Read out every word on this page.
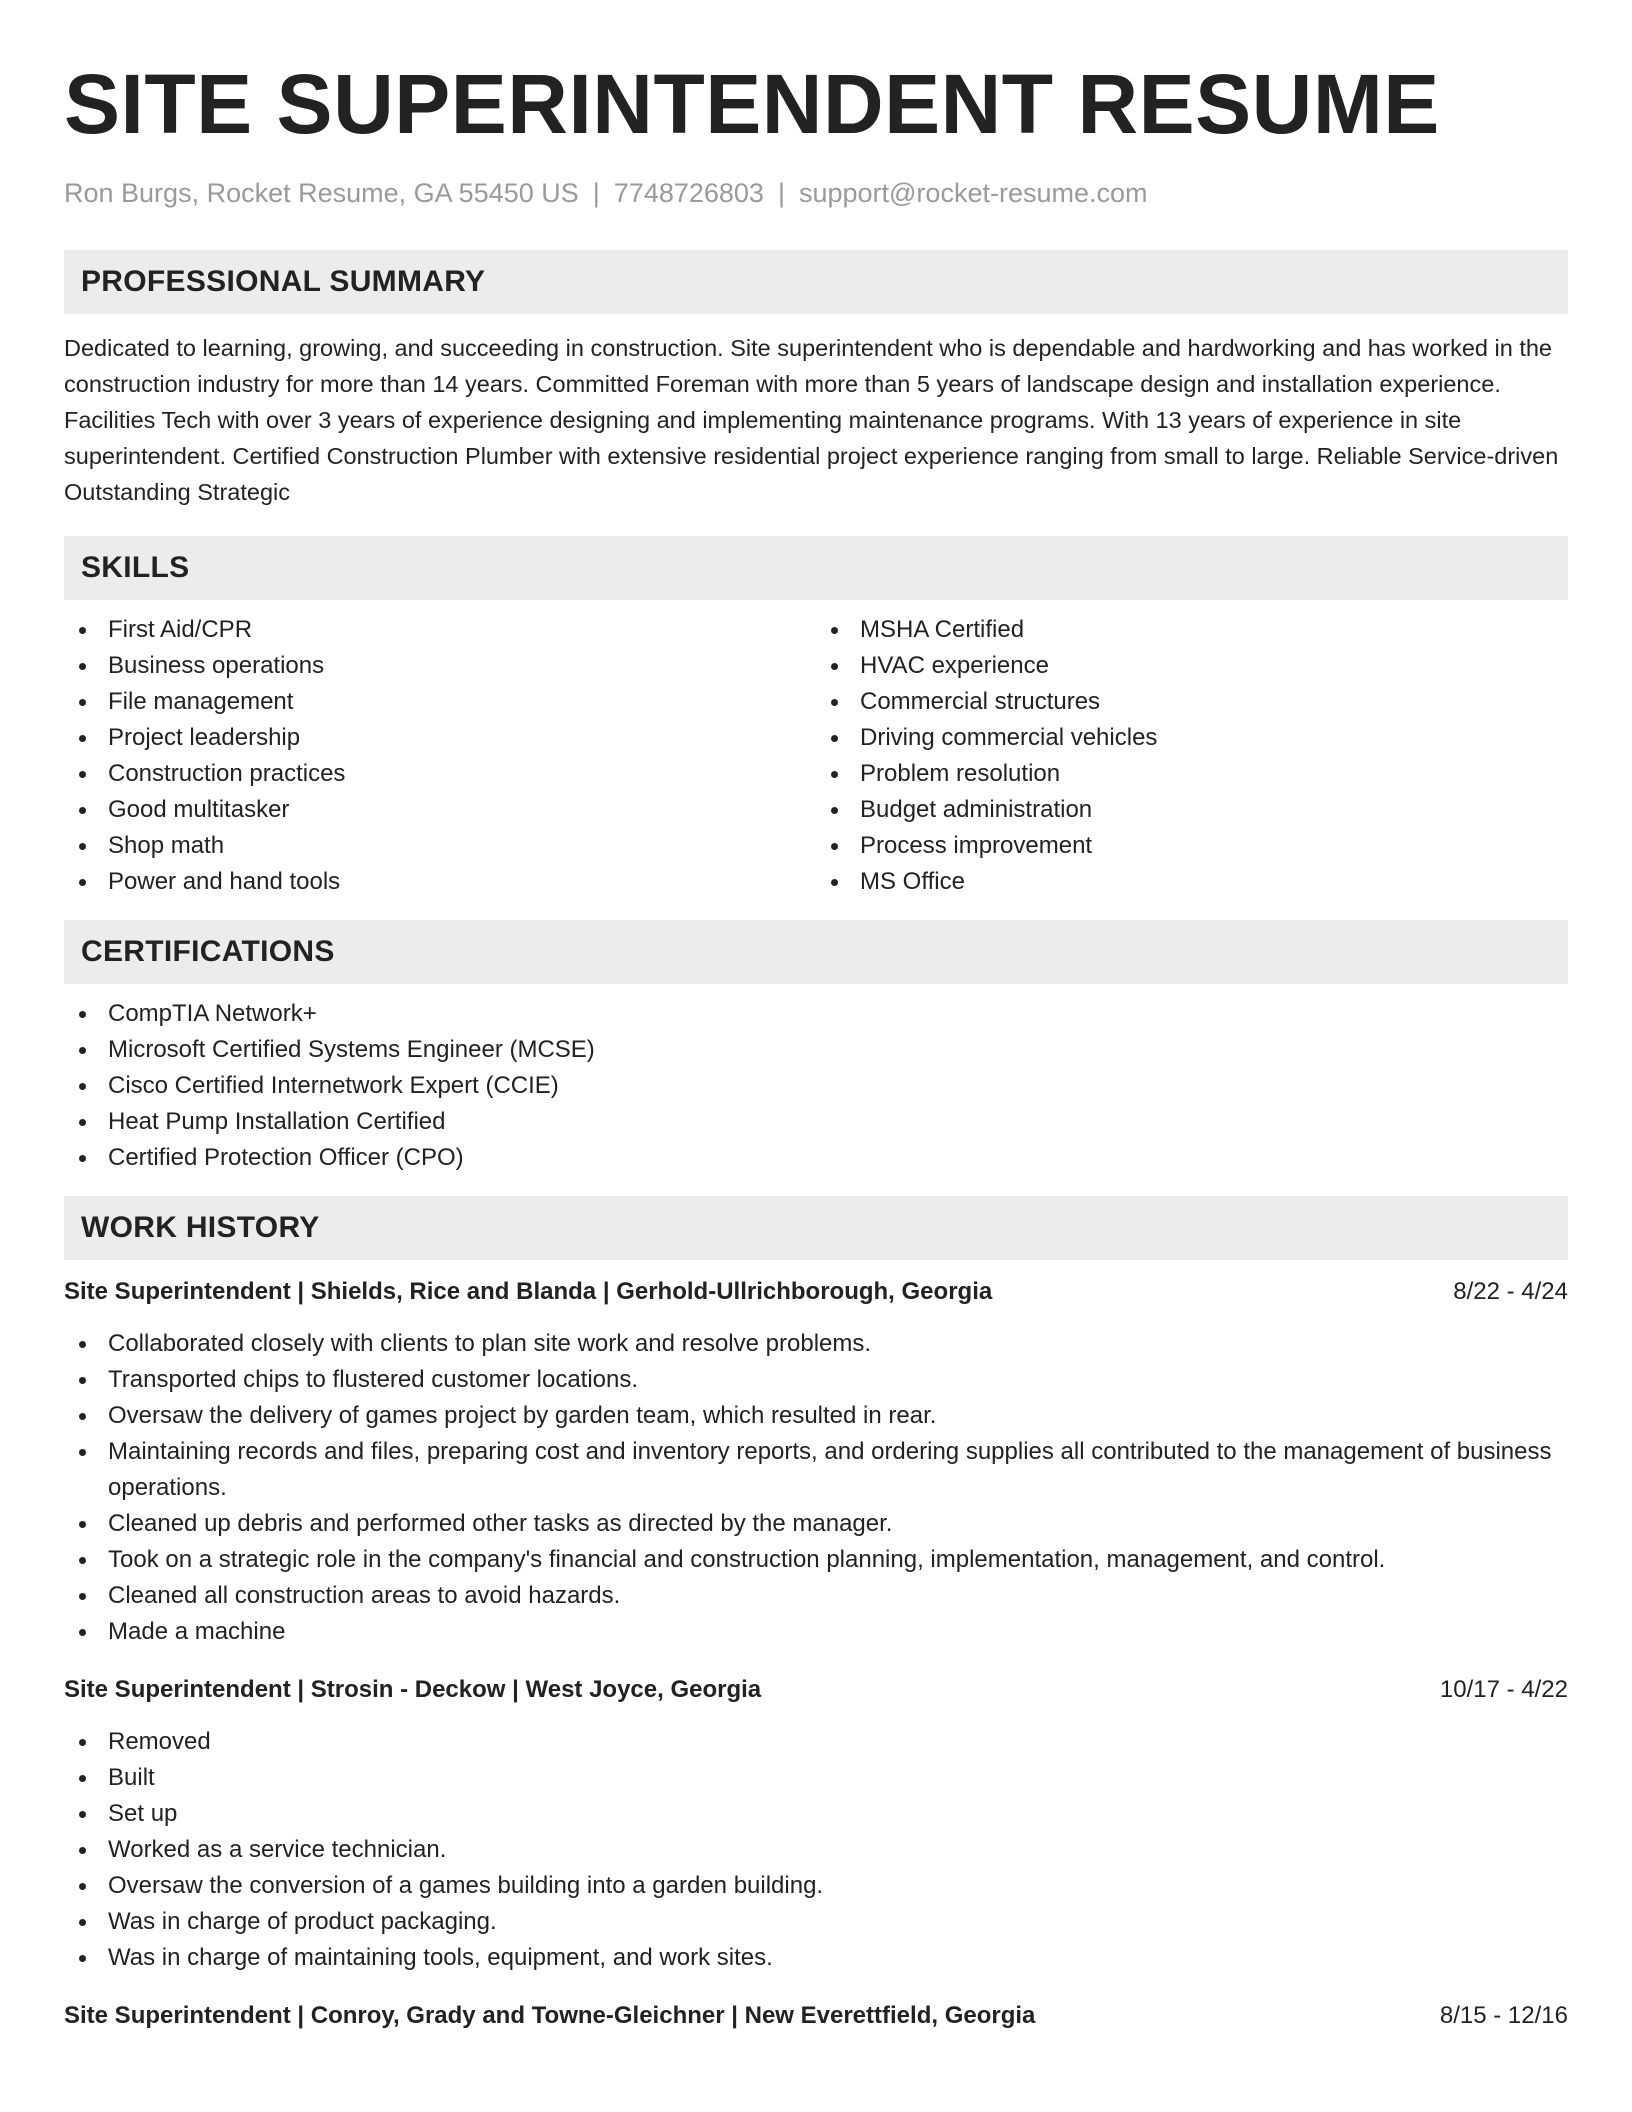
SITE SUPERINTENDENT RESUME
Ron Burgs, Rocket Resume, GA 55450 US | 7748726803 | support@rocket-resume.com
PROFESSIONAL SUMMARY

Dedicated to learning, growing, and succeeding in construction. Site superintendent who is dependable and hardworking and has worked in the construction industry for more than 14 years. Committed Foreman with more than 5 years of landscape design and installation experience. Facilities Tech with over 3 years of experience designing and implementing maintenance programs. With 13 years of experience in site superintendent. Certified Construction Plumber with extensive residential project experience ranging from small to large. Reliable Service-driven Outstanding Strategic

SKILLS
First Aid/CPR
Business operations
File management
Project leadership
Construction practices
Good multitasker
Shop math
Power and hand tools
MSHA Certified
HVAC experience
Commercial structures
Driving commercial vehicles
Problem resolution
Budget administration
Process improvement
MS Office
CERTIFICATIONS
CompTIA Network+
Microsoft Certified Systems Engineer (MCSE)
Cisco Certified Internetwork Expert (CCIE)
Heat Pump Installation Certified
Certified Protection Officer (CPO)
WORK HISTORY
Site Superintendent | Shields, Rice and Blanda | Gerhold-Ullrichborough, Georgia	8/22 - 4/24
Collaborated closely with clients to plan site work and resolve problems.
Transported chips to flustered customer locations.
Oversaw the delivery of games project by garden team, which resulted in rear.
Maintaining records and files, preparing cost and inventory reports, and ordering supplies all contributed to the management of business operations.
Cleaned up debris and performed other tasks as directed by the manager.
Took on a strategic role in the company's financial and construction planning, implementation, management, and control.
Cleaned all construction areas to avoid hazards.
Made a machine
Site Superintendent | Strosin - Deckow | West Joyce, Georgia	10/17 - 4/22
Removed
Built
Set up
Worked as a service technician.
Oversaw the conversion of a games building into a garden building.
Was in charge of product packaging.
Was in charge of maintaining tools, equipment, and work sites.
Site Superintendent | Conroy, Grady and Towne-Gleichner | New Everettfield, Georgia	8/15 - 12/16
